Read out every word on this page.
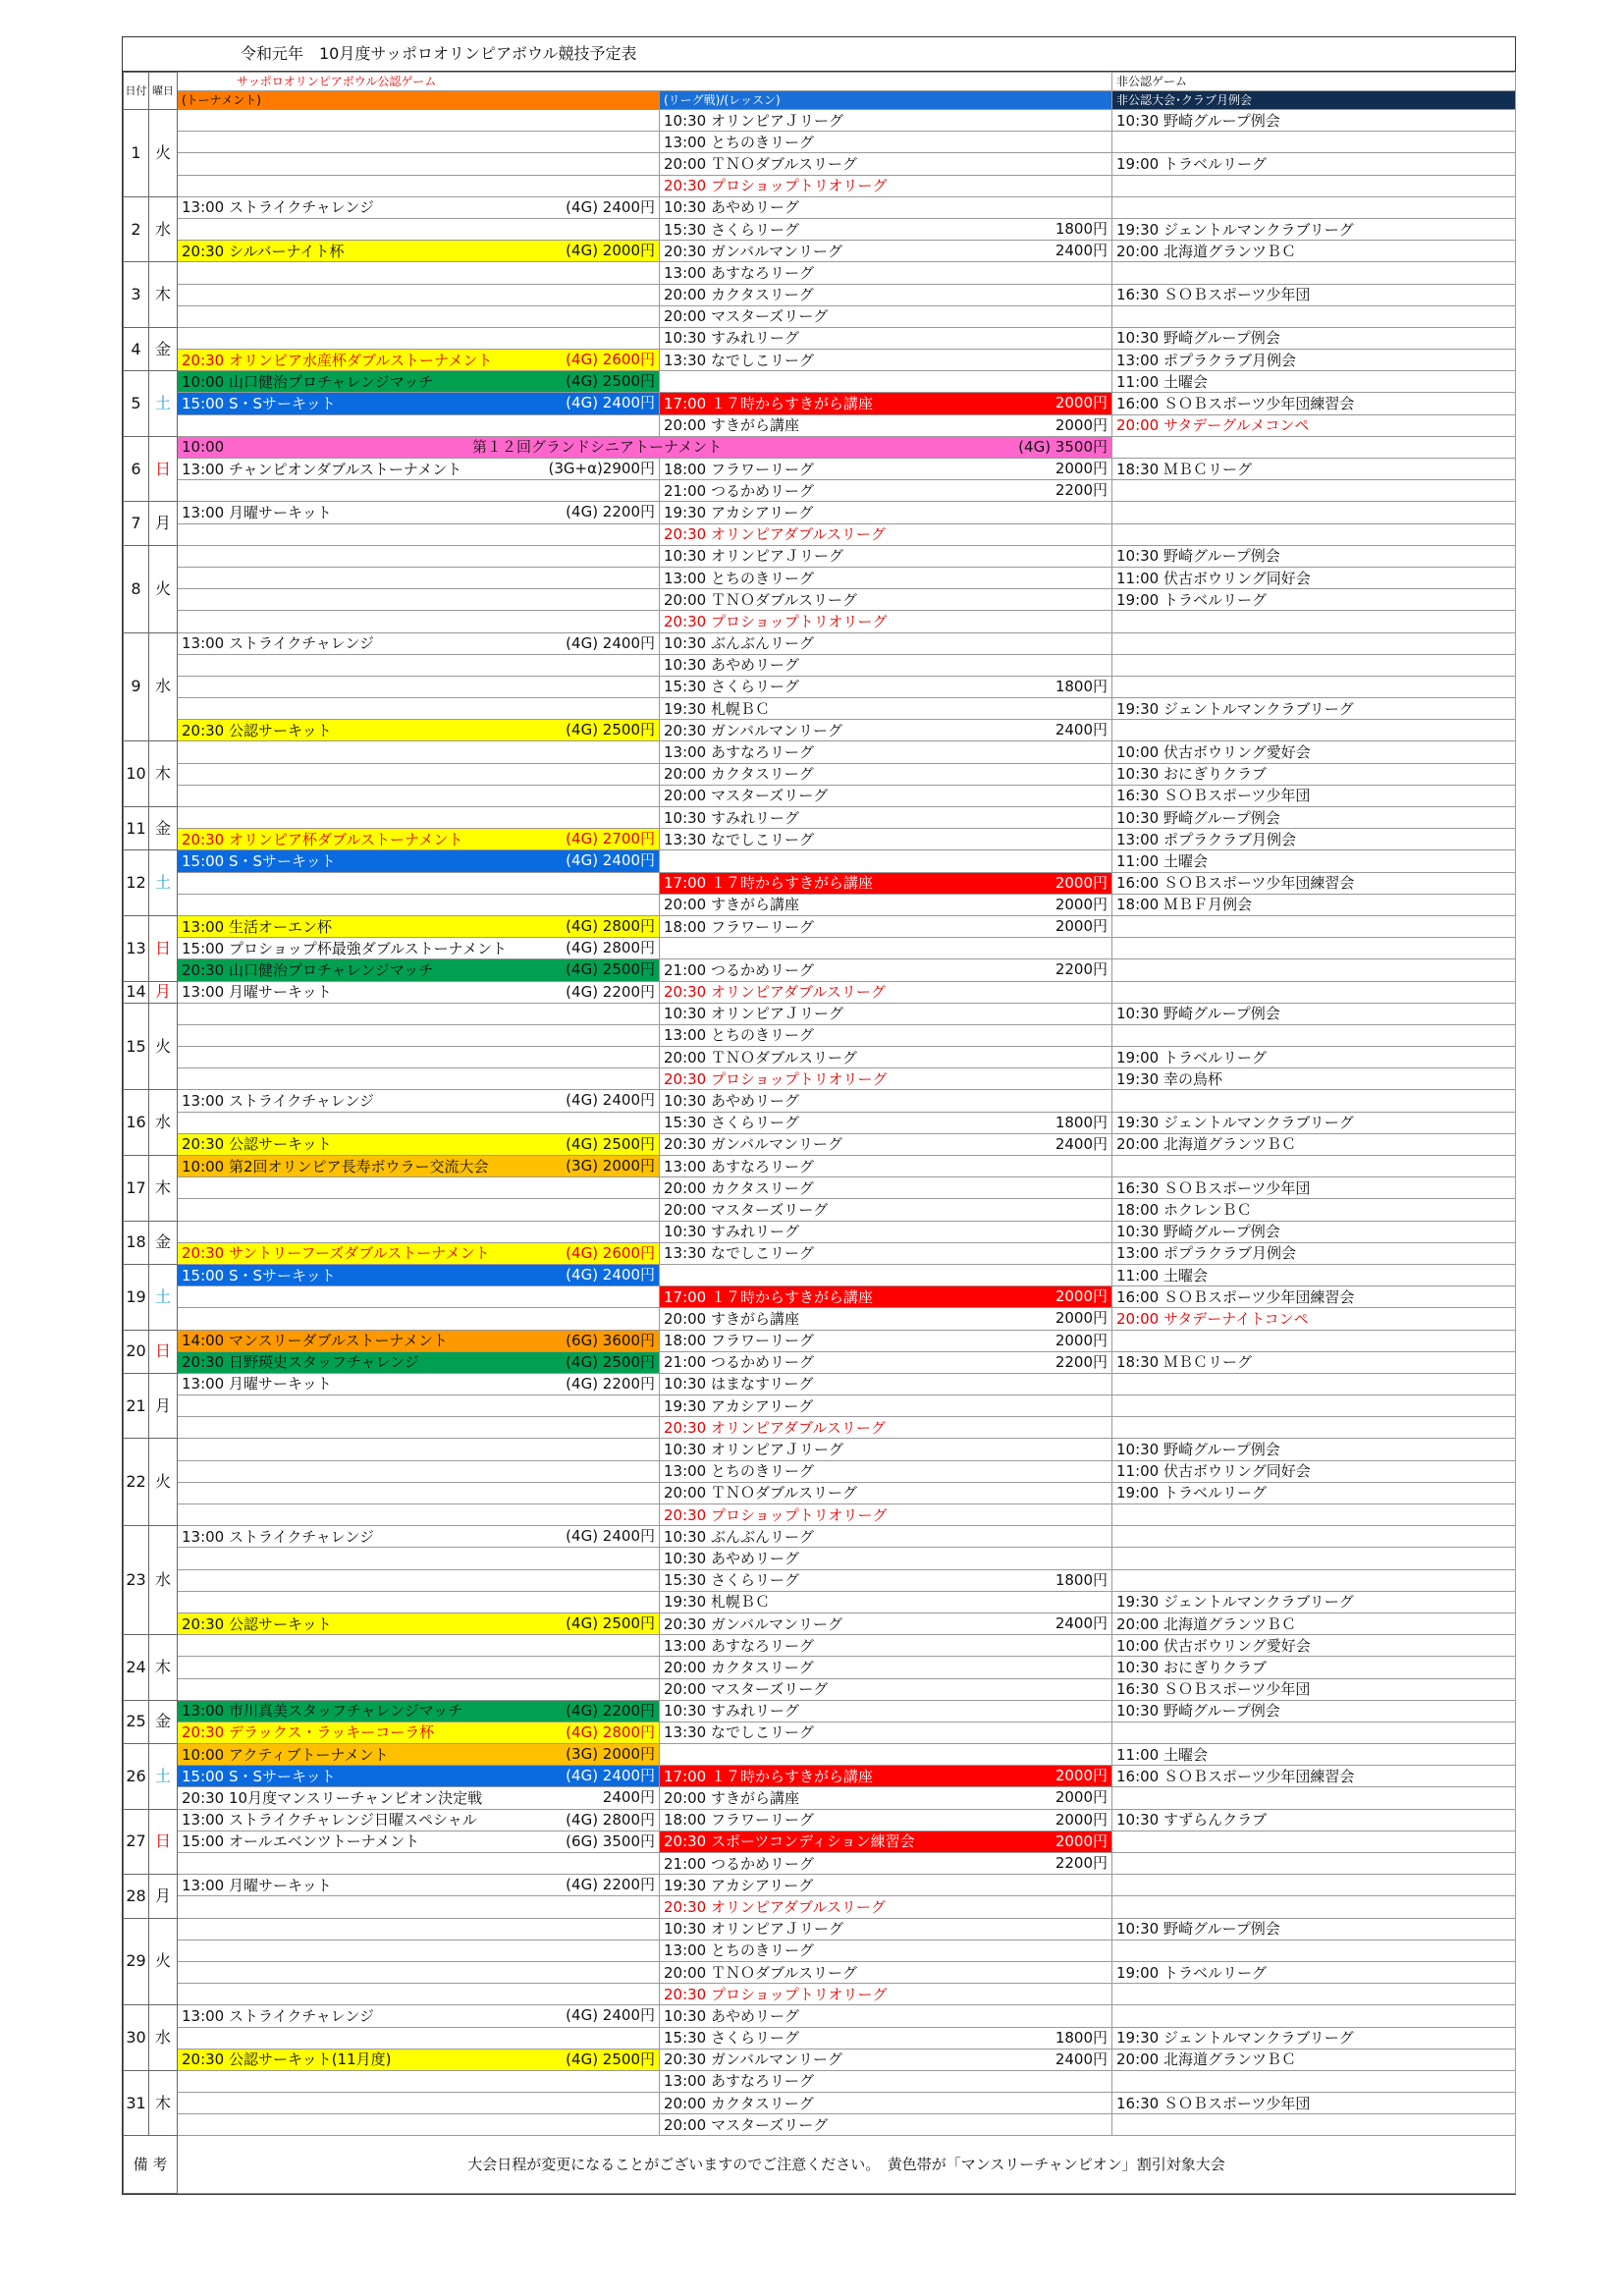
令和元年　10月度サッポロオリンピアボウル競技予定表
日付	曜日	サッポロオリンピアボウル公認ゲーム		非公認ゲーム
		(トーナメント)	(リーグ戦)/(レッスン)	非公認大会･クラブ月例会
1	火		10:30 オリンピアＪリーグ	10:30 野崎グループ例会
			13:00 とちのきリーグ	
			20:00 ＴＮＯダブルスリーグ	19:00 トラベルリーグ
			20:30 プロショップトリオリーグ	
2	水	13:00 ストライクチャレンジ (4G) 2400円	10:30 あやめリーグ	
			15:30 さくらリーグ 1800円	19:30 ジェントルマンクラブリーグ
		20:30 シルバーナイト杯 (4G) 2000円	20:30 ガンバルマンリーグ 2400円	20:00 北海道グランツＢＣ
3	木		13:00 あすなろリーグ	
			20:00 カクタスリーグ	16:30 ＳＯＢスポーツ少年団
			20:00 マスターズリーグ	
4	金		10:30 すみれリーグ	10:30 野崎グループ例会
		20:30 オリンピア水産杯ダブルストーナメント (4G) 2600円	13:30 なでしこリーグ	13:00 ポプラクラブ月例会
5	土	10:00 山口健治プロチャレンジマッチ (4G) 2500円		11:00 土曜会
		15:00 S・Sサーキット (4G) 2400円	17:00 １７時からすきがら講座 2000円	16:00 ＳＯＢスポーツ少年団練習会
			20:00 すきがら講座 2000円	20:00 サタデーグルメコンペ
6	日	10:00 第１２回グランドシニアトーナメント (4G) 3500円		

		13:00 チャンピオンダブルストーナメント (3G+α)2900円	18:00 フラワーリーグ 2000円	18:30 ＭＢＣリーグ
			21:00 つるかめリーグ 2200円	

7	月	13:00 月曜サーキット (4G) 2200円	19:30 アカシアリーグ	
			20:30 オリンピアダブルスリーグ	
8	火		10:30 オリンピアＪリーグ	10:30 野崎グループ例会
			13:00 とちのきリーグ	11:00 伏古ボウリング同好会
			20:00 ＴＮＯダブルスリーグ	19:00 トラベルリーグ
			20:30 プロショップトリオリーグ	
9	水	13:00 ストライクチャレンジ (4G) 2400円	10:30 ぶんぶんリーグ	
			10:30 あやめリーグ	
			15:30 さくらリーグ 1800円	

			19:30 札幌ＢＣ	19:30 ジェントルマンクラブリーグ
		20:30 公認サーキット (4G) 2500円	20:30 ガンバルマンリーグ 2400円	

10	木		13:00 あすなろリーグ	10:00 伏古ボウリング愛好会
			20:00 カクタスリーグ	10:30 おにぎりクラブ
			20:00 マスターズリーグ	16:30 ＳＯＢスポーツ少年団
11	金		10:30 すみれリーグ	10:30 野崎グループ例会
		20:30 オリンピア杯ダブルストーナメント (4G) 2700円	13:30 なでしこリーグ	13:00 ポプラクラブ月例会
12	土	15:00 S・Sサーキット (4G) 2400円		11:00 土曜会
			17:00 １７時からすきがら講座 2000円	16:00 ＳＯＢスポーツ少年団練習会
			20:00 すきがら講座 2000円	18:00 ＭＢＦ月例会
13	日	13:00 生活オーエン杯 (4G) 2800円	18:00 フラワーリーグ 2000円	

		15:00 プロショップ杯最強ダブルストーナメント (4G) 2800円		

		20:30 山口健治プロチャレンジマッチ (4G) 2500円	21:00 つるかめリーグ 2200円	

14	月	13:00 月曜サーキット (4G) 2200円	20:30 オリンピアダブルスリーグ	
15	火		10:30 オリンピアＪリーグ	10:30 野崎グループ例会
			13:00 とちのきリーグ	
			20:00 ＴＮＯダブルスリーグ	19:00 トラベルリーグ
			20:30 プロショップトリオリーグ	19:30 幸の鳥杯
16	水	13:00 ストライクチャレンジ (4G) 2400円	10:30 あやめリーグ	
			15:30 さくらリーグ 1800円	19:30 ジェントルマンクラブリーグ
		20:30 公認サーキット (4G) 2500円	20:30 ガンバルマンリーグ 2400円	20:00 北海道グランツＢＣ
17	木	10:00 第2回オリンピア長寿ボウラー交流大会 (3G) 2000円	13:00 あすなろリーグ	
			20:00 カクタスリーグ	16:30 ＳＯＢスポーツ少年団
			20:00 マスターズリーグ	18:00 ホクレンＢＣ
18	金		10:30 すみれリーグ	10:30 野崎グループ例会
		20:30 サントリーフーズダブルストーナメント (4G) 2600円	13:30 なでしこリーグ	13:00 ポプラクラブ月例会
19	土	15:00 S・Sサーキット (4G) 2400円		11:00 土曜会
			17:00 １７時からすきがら講座 2000円	16:00 ＳＯＢスポーツ少年団練習会
			20:00 すきがら講座 2000円	20:00 サタデーナイトコンペ
20	日	14:00 マンスリーダブルストーナメント (6G) 3600円	18:00 フラワーリーグ 2000円	

		20:30 日野瑛史スタッフチャレンジ (4G) 2500円	21:00 つるかめリーグ 2200円	18:30 ＭＢＣリーグ
21	月	13:00 月曜サーキット (4G) 2200円	10:30 はまなすリーグ	
			19:30 アカシアリーグ	
			20:30 オリンピアダブルスリーグ	
22	火		10:30 オリンピアＪリーグ	10:30 野崎グループ例会
			13:00 とちのきリーグ	11:00 伏古ボウリング同好会
			20:00 ＴＮＯダブルスリーグ	19:00 トラベルリーグ
			20:30 プロショップトリオリーグ	
23	水	13:00 ストライクチャレンジ (4G) 2400円	10:30 ぶんぶんリーグ	
			10:30 あやめリーグ	
			15:30 さくらリーグ 1800円	

			19:30 札幌ＢＣ	19:30 ジェントルマンクラブリーグ
		20:30 公認サーキット (4G) 2500円	20:30 ガンバルマンリーグ 2400円	20:00 北海道グランツＢＣ
24	木		13:00 あすなろリーグ	10:00 伏古ボウリング愛好会
			20:00 カクタスリーグ	10:30 おにぎりクラブ
			20:00 マスターズリーグ	16:30 ＳＯＢスポーツ少年団
25	金	13:00 市川真美スタッフチャレンジマッチ (4G) 2200円	10:30 すみれリーグ	10:30 野崎グループ例会
		20:30 デラックス・ラッキーコーラ杯 (4G) 2800円	13:30 なでしこリーグ	
26	土	10:00 アクティブトーナメント (3G) 2000円		11:00 土曜会
		15:00 S・Sサーキット (4G) 2400円	17:00 １７時からすきがら講座 2000円	16:00 ＳＯＢスポーツ少年団練習会
		20:30 10月度マンスリーチャンピオン決定戦 2400円	20:00 すきがら講座 2000円	

27	日	13:00 ストライクチャレンジ日曜スペシャル (4G) 2800円	18:00 フラワーリーグ 2000円	10:30 すずらんクラブ
		15:00 オールエベンツトーナメント (6G) 3500円	20:30 スポーツコンディション練習会 2000円	

			21:00 つるかめリーグ 2200円	

28	月	13:00 月曜サーキット (4G) 2200円	19:30 アカシアリーグ	
			20:30 オリンピアダブルスリーグ	
29	火		10:30 オリンピアＪリーグ	10:30 野崎グループ例会
			13:00 とちのきリーグ	
			20:00 ＴＮＯダブルスリーグ	19:00 トラベルリーグ
			20:30 プロショップトリオリーグ	
30	水	13:00 ストライクチャレンジ (4G) 2400円	10:30 あやめリーグ	
			15:30 さくらリーグ 1800円	19:30 ジェントルマンクラブリーグ
		20:30 公認サーキット(11月度) (4G) 2500円	20:30 ガンバルマンリーグ 2400円	20:00 北海道グランツＢＣ
31	木		13:00 あすなろリーグ	
			20:00 カクタスリーグ	16:30 ＳＯＢスポーツ少年団
			20:00 マスターズリーグ	
備 考		大会日程が変更になることがございますのでご注意ください。　黄色帯が「マンスリーチャンピオン」割引対象大会		
